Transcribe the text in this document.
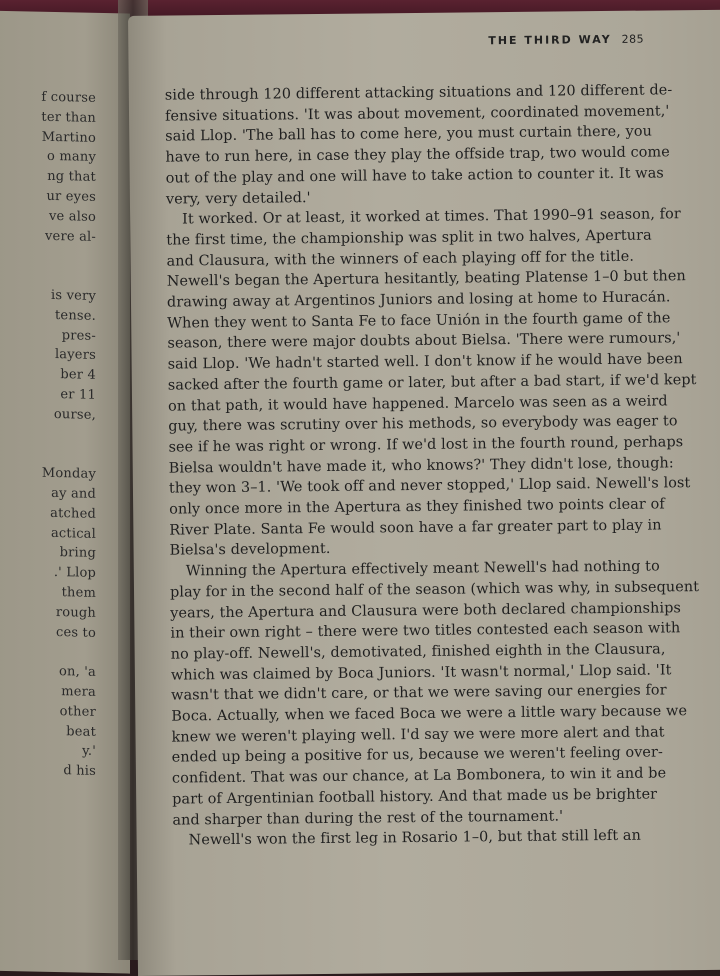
f course
ter than
Martino
o many
ng that
ur eyes
ve also
vere al-
is very
tense.
pres-
layers
ber 4
er 11
ourse,
Monday
ay and
atched
actical
bring
.' Llop
them
rough
ces to
on, 'a
mera
other
beat
y.'
d his
THE THIRD WAY 285
side through 120 different attacking situations and 120 different de-
fensive situations. 'It was about movement, coordinated movement,'
said Llop. 'The ball has to come here, you must curtain there, you
have to run here, in case they play the offside trap, two would come
out of the play and one will have to take action to counter it. It was
very, very detailed.'
It worked. Or at least, it worked at times. That 1990–91 season, for
the first time, the championship was split in two halves, Apertura
and Clausura, with the winners of each playing off for the title.
Newell's began the Apertura hesitantly, beating Platense 1–0 but then
drawing away at Argentinos Juniors and losing at home to Huracán.
When they went to Santa Fe to face Unión in the fourth game of the
season, there were major doubts about Bielsa. 'There were rumours,'
said Llop. 'We hadn't started well. I don't know if he would have been
sacked after the fourth game or later, but after a bad start, if we'd kept
on that path, it would have happened. Marcelo was seen as a weird
guy, there was scrutiny over his methods, so everybody was eager to
see if he was right or wrong. If we'd lost in the fourth round, perhaps
Bielsa wouldn't have made it, who knows?' They didn't lose, though:
they won 3–1. 'We took off and never stopped,' Llop said. Newell's lost
only once more in the Apertura as they finished two points clear of
River Plate. Santa Fe would soon have a far greater part to play in
Bielsa's development.
Winning the Apertura effectively meant Newell's had nothing to
play for in the second half of the season (which was why, in subsequent
years, the Apertura and Clausura were both declared championships
in their own right – there were two titles contested each season with
no play-off. Newell's, demotivated, finished eighth in the Clausura,
which was claimed by Boca Juniors. 'It wasn't normal,' Llop said. 'It
wasn't that we didn't care, or that we were saving our energies for
Boca. Actually, when we faced Boca we were a little wary because we
knew we weren't playing well. I'd say we were more alert and that
ended up being a positive for us, because we weren't feeling over-
confident. That was our chance, at La Bombonera, to win it and be
part of Argentinian football history. And that made us be brighter
and sharper than during the rest of the tournament.'
Newell's won the first leg in Rosario 1–0, but that still left an
